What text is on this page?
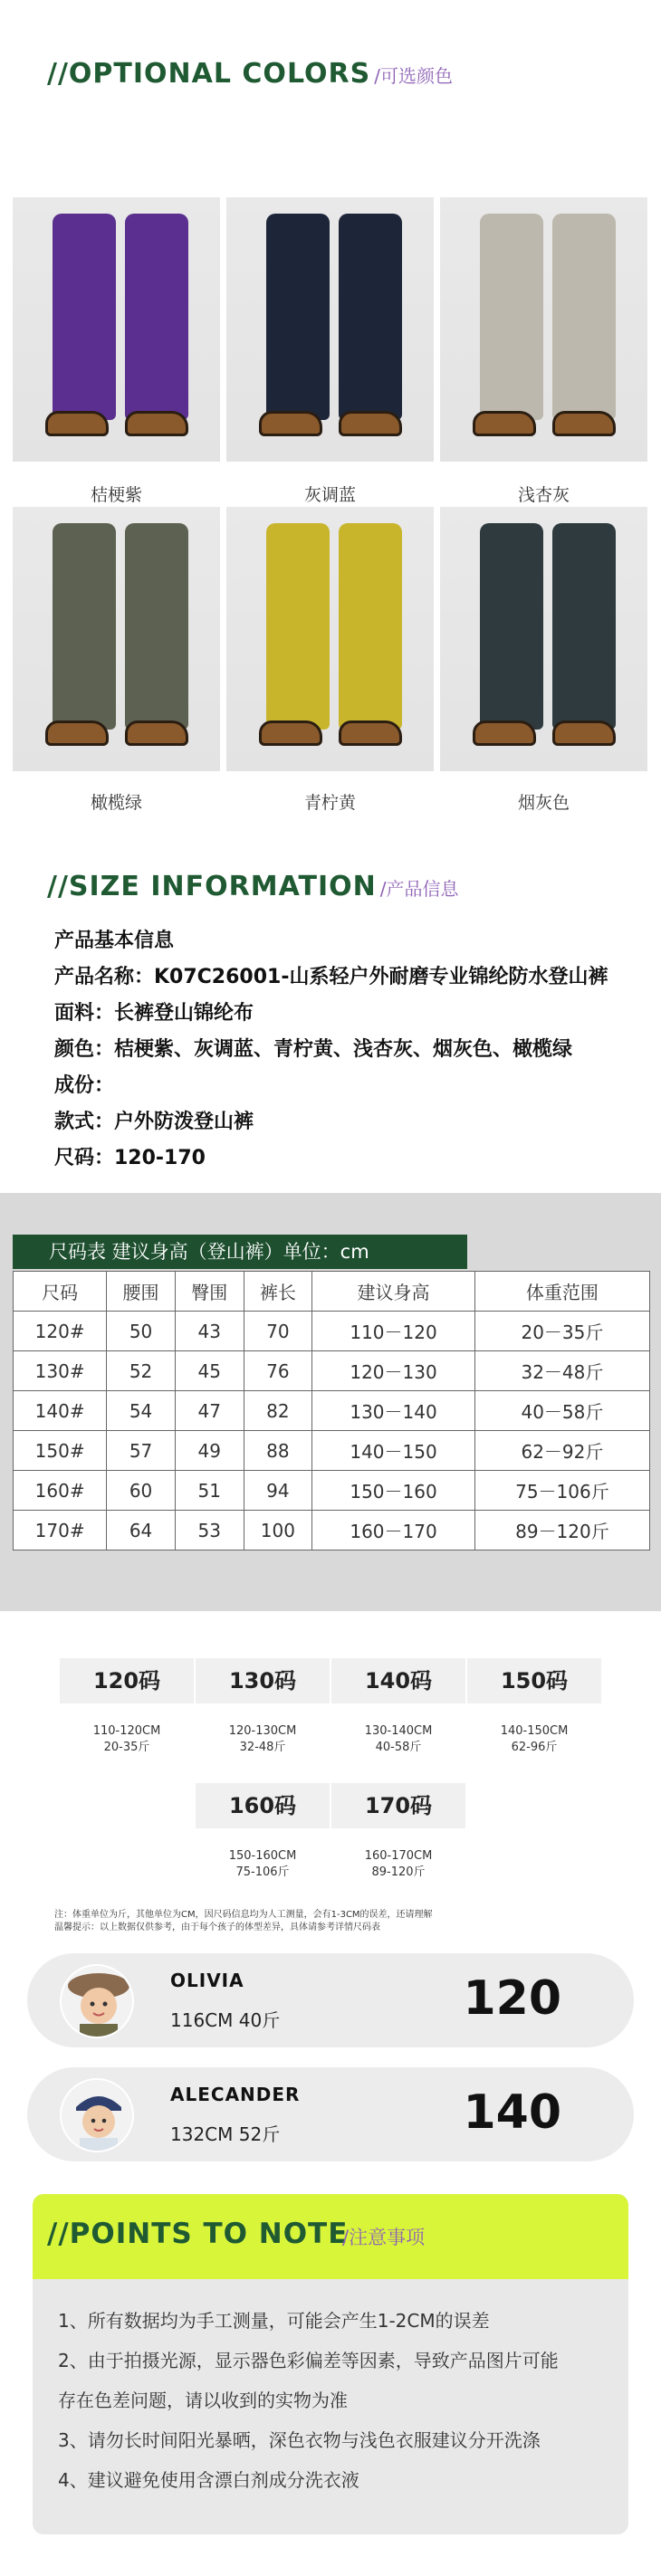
//OPTIONAL COLORS /可选颜色
桔梗紫	灰调蓝	浅杏灰
橄榄绿	青柠黄	烟灰色
//SIZE INFORMATION /产品信息
产品基本信息
产品名称：K07C26001-山系轻户外耐磨专业锦纶防水登山裤
面料：长裤登山锦纶布
颜色：桔梗紫、灰调蓝、青柠黄、浅杏灰、烟灰色、橄榄绿
成份：
款式：户外防泼登山裤
尺码：120-170
尺码表 建议身高（登山裤）单位：cm
尺码	腰围	臀围	裤长	建议身高	体重范围
120#	50	43	70	110－120	20－35斤
130#	52	45	76	120－130	32－48斤
140#	54	47	82	130－140	40－58斤
150#	57	49	88	140－150	62－92斤
160#	60	51	94	150－160	75－106斤
170#	64	53	100	160－170	89－120斤
120码
110-120CM
20-35斤
130码
120-130CM
32-48斤
140码
130-140CM
40-58斤
150码
140-150CM
62-96斤
160码
150-160CM
75-106斤
170码
160-170CM
89-120斤
注：体重单位为斤，其他单位为CM，因尺码信息均为人工测量，会有1-3CM的误差，还请理解
温馨提示：以上数据仅供参考，由于每个孩子的体型差异，具体请参考详情尺码表
OLIVIA
116CM 40斤	120
ALECANDER
132CM 52斤	140
//POINTS TO NOTE
/注意事项
1、所有数据均为手工测量，可能会产生1-2CM的误差
2、由于拍摄光源，显示器色彩偏差等因素，导致产品图片可能
存在色差问题，请以收到的实物为准
3、请勿长时间阳光暴晒，深色衣物与浅色衣服建议分开洗涤
4、建议避免使用含漂白剂成分洗衣液
